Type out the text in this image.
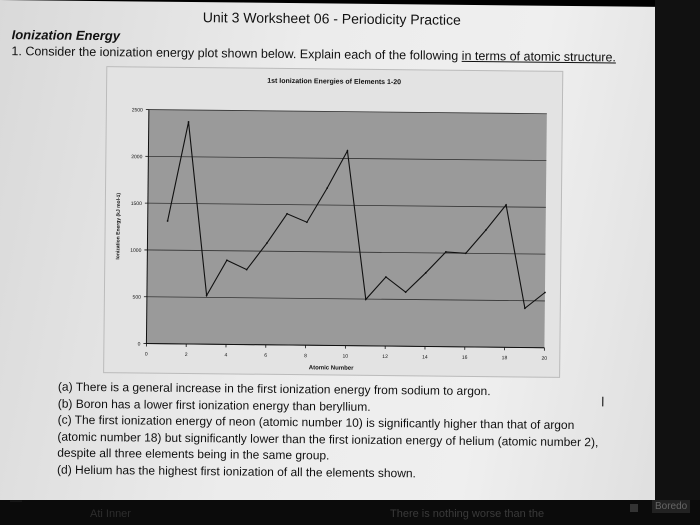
Unit 3 Worksheet 06 - Periodicity Practice
Ionization Energy
1. Consider the ionization energy plot shown below. Explain each of the following in terms of atomic structure.
0
500
1000
1500
2000
2500
0	2	4	6	8	10	12	14	16	18	20
1st Ionization Energies of Elements 1-20
Ionization Energy (kJ mol-1)
Atomic Number
(a) There is a general increase in the first ionization energy from sodium to argon.
(b) Boron has a lower first ionization energy than beryllium.
(c) The first ionization energy of neon (atomic number 10) is significantly higher than that of argon
(atomic number 18) but significantly lower than the first ionization energy of helium (atomic number 2),
despite all three elements being in the same group.
(d) Helium has the highest first ionization of all the elements shown.
I
—
Ati Inner	There is nothing worse than the
Boredo
